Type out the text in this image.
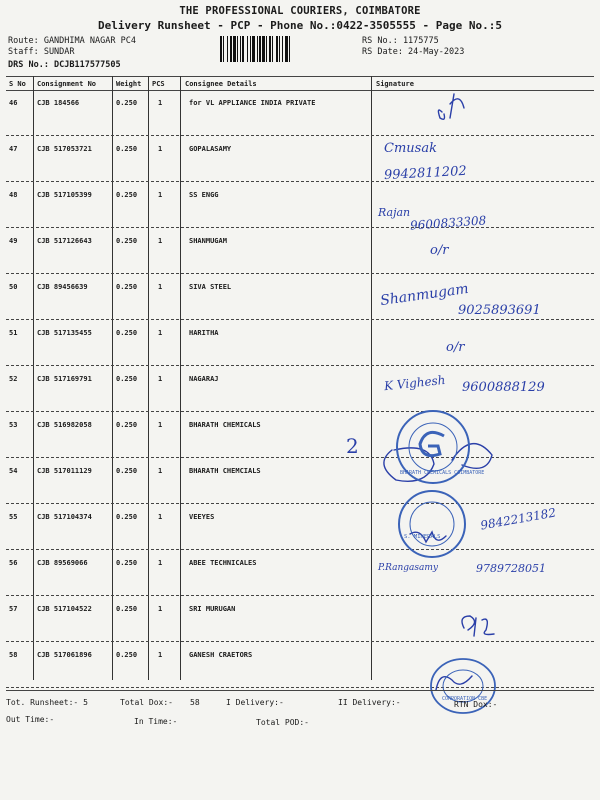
THE PROFESSIONAL COURIERS, COIMBATORE
Delivery Runsheet - PCP - Phone No.:0422-3505555 - Page No.:5
Route: GANDHIMA NAGAR PC4
Staff: SUNDAR
DRS No.: DCJB117577505
RS No.: 1175775
RS Date: 24-May-2023
S No Consignment No	Weight PCS	Consignee Details	Signature
46	CJB 184566	0.250	1	for VL APPLIANCE INDIA PRIVATE
47	CJB 517053721	0.250	1	GOPALASAMY
48	CJB 517105399	0.250	1	SS ENGG
49	CJB 517126643	0.250	1	SHANMUGAM
50	CJB 89456639	0.250	1	SIVA STEEL
51	CJB 517135455	0.250	1	HARITHA
52	CJB 517169791	0.250	1	NAGARAJ
53	CJB 516982058	0.250	1	BHARATH CHEMICALS
54	CJB 517011129	0.250	1	BHARATH CHEMCIALS
55	CJB 517104374	0.250	1	VEEYES
56	CJB 89569066	0.250	1	ABEE TECHNICALES
57	CJB 517104522	0.250	1	SRI MURUGAN
58	CJB 517061896	0.250	1	GANESH CRAETORS
Cmusak
9942811202
Rajan
9600833308
o/r
Shanmugam
9025893691
o/r
K Vighesh 9600888129
2
9842213182
P.Rangasamy	9789728051
BHARATH CHEMICALS COIMBATORE
S. MINERALS
CORPORATION CBE
Tot. Runsheet:- 5	Total Dox:- 58	I Delivery:-	II Delivery:-	RTN Dox:-
Out Time:-	In Time:-	Total POD:-
